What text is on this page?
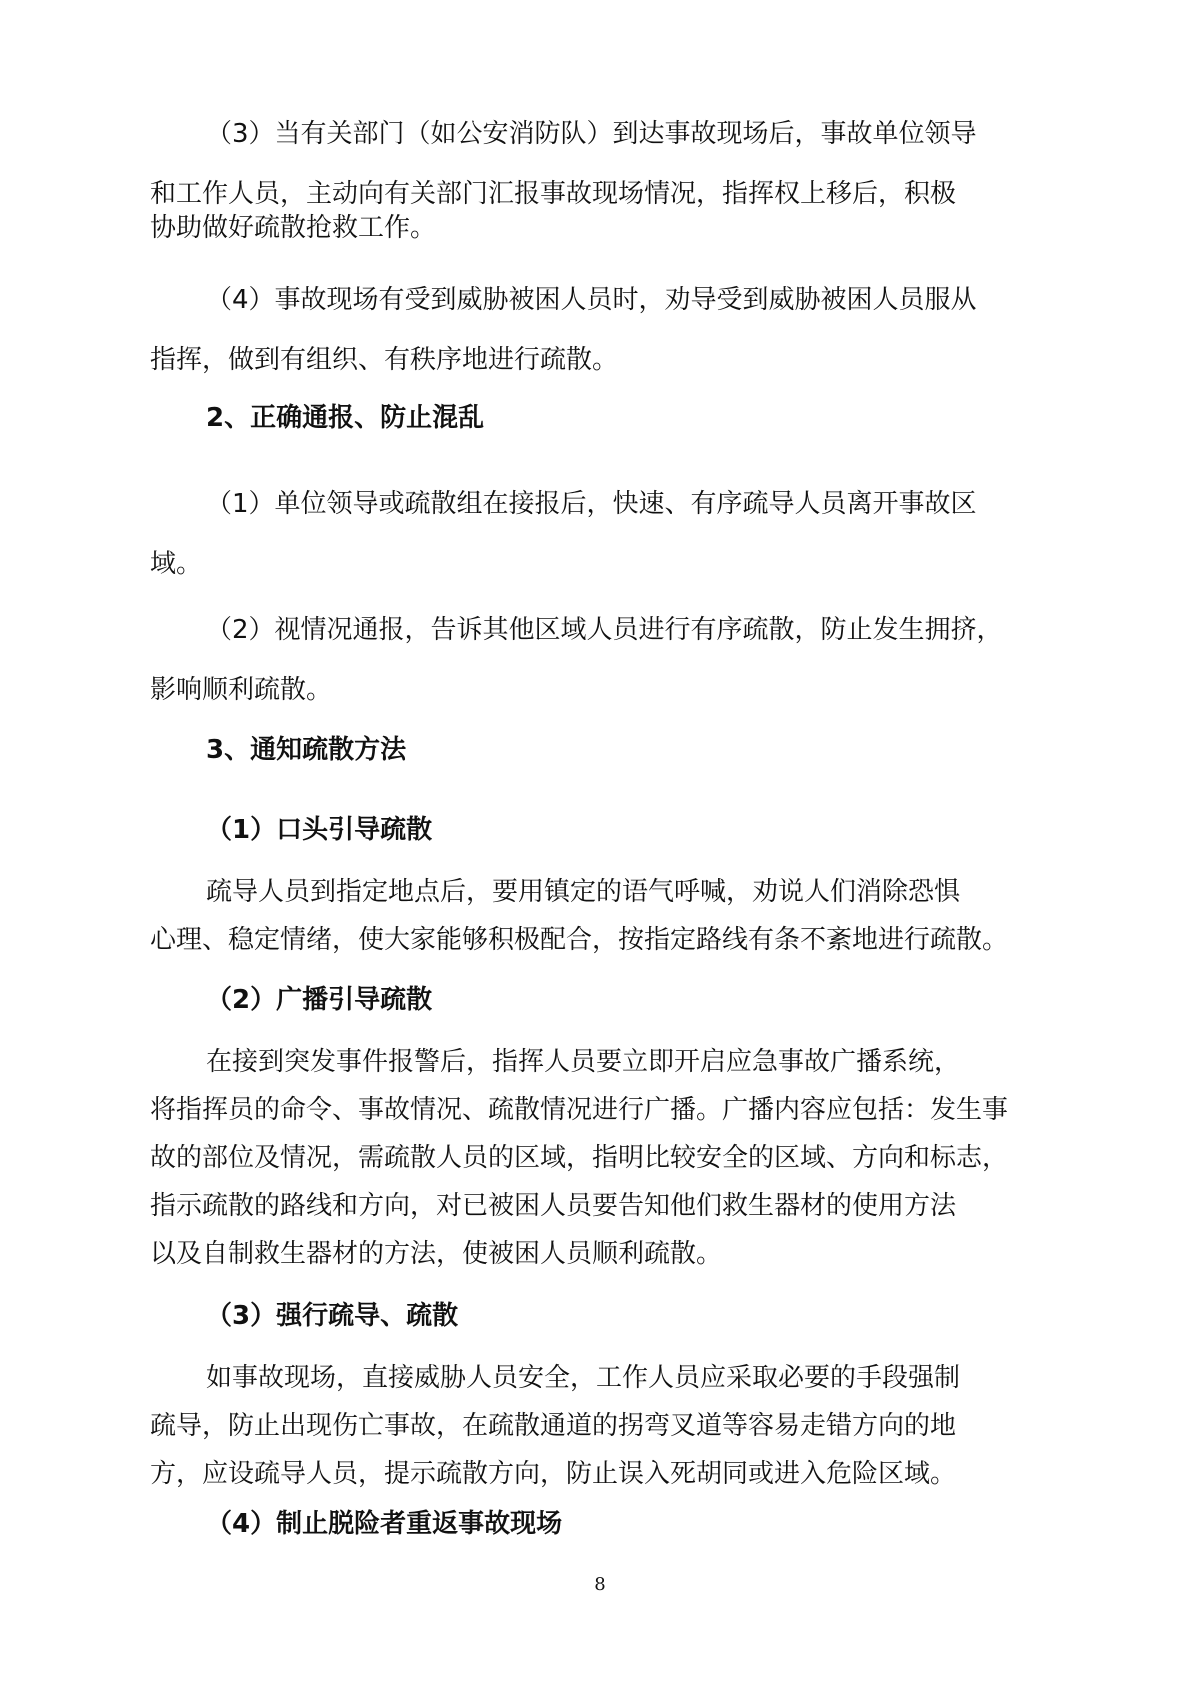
（3）当有关部门（如公安消防队）到达事故现场后，事故单位领导
和工作人员，主动向有关部门汇报事故现场情况，指挥权上移后，积极
协助做好疏散抢救工作。
（4）事故现场有受到威胁被困人员时，劝导受到威胁被困人员服从
指挥，做到有组织、有秩序地进行疏散。
2、正确通报、防止混乱
（1）单位领导或疏散组在接报后，快速、有序疏导人员离开事故区
域。
（2）视情况通报，告诉其他区域人员进行有序疏散，防止发生拥挤，
影响顺利疏散。
3、通知疏散方法
（1）口头引导疏散
疏导人员到指定地点后，要用镇定的语气呼喊，劝说人们消除恐惧
心理、稳定情绪，使大家能够积极配合，按指定路线有条不紊地进行疏散。
（2）广播引导疏散
在接到突发事件报警后，指挥人员要立即开启应急事故广播系统，
将指挥员的命令、事故情况、疏散情况进行广播。广播内容应包括：发生事
故的部位及情况，需疏散人员的区域，指明比较安全的区域、方向和标志，
指示疏散的路线和方向，对已被困人员要告知他们救生器材的使用方法
以及自制救生器材的方法，使被困人员顺利疏散。
（3）强行疏导、疏散
如事故现场，直接威胁人员安全，工作人员应采取必要的手段强制
疏导，防止出现伤亡事故，在疏散通道的拐弯叉道等容易走错方向的地
方，应设疏导人员，提示疏散方向，防止误入死胡同或进入危险区域。
（4）制止脱险者重返事故现场
8
